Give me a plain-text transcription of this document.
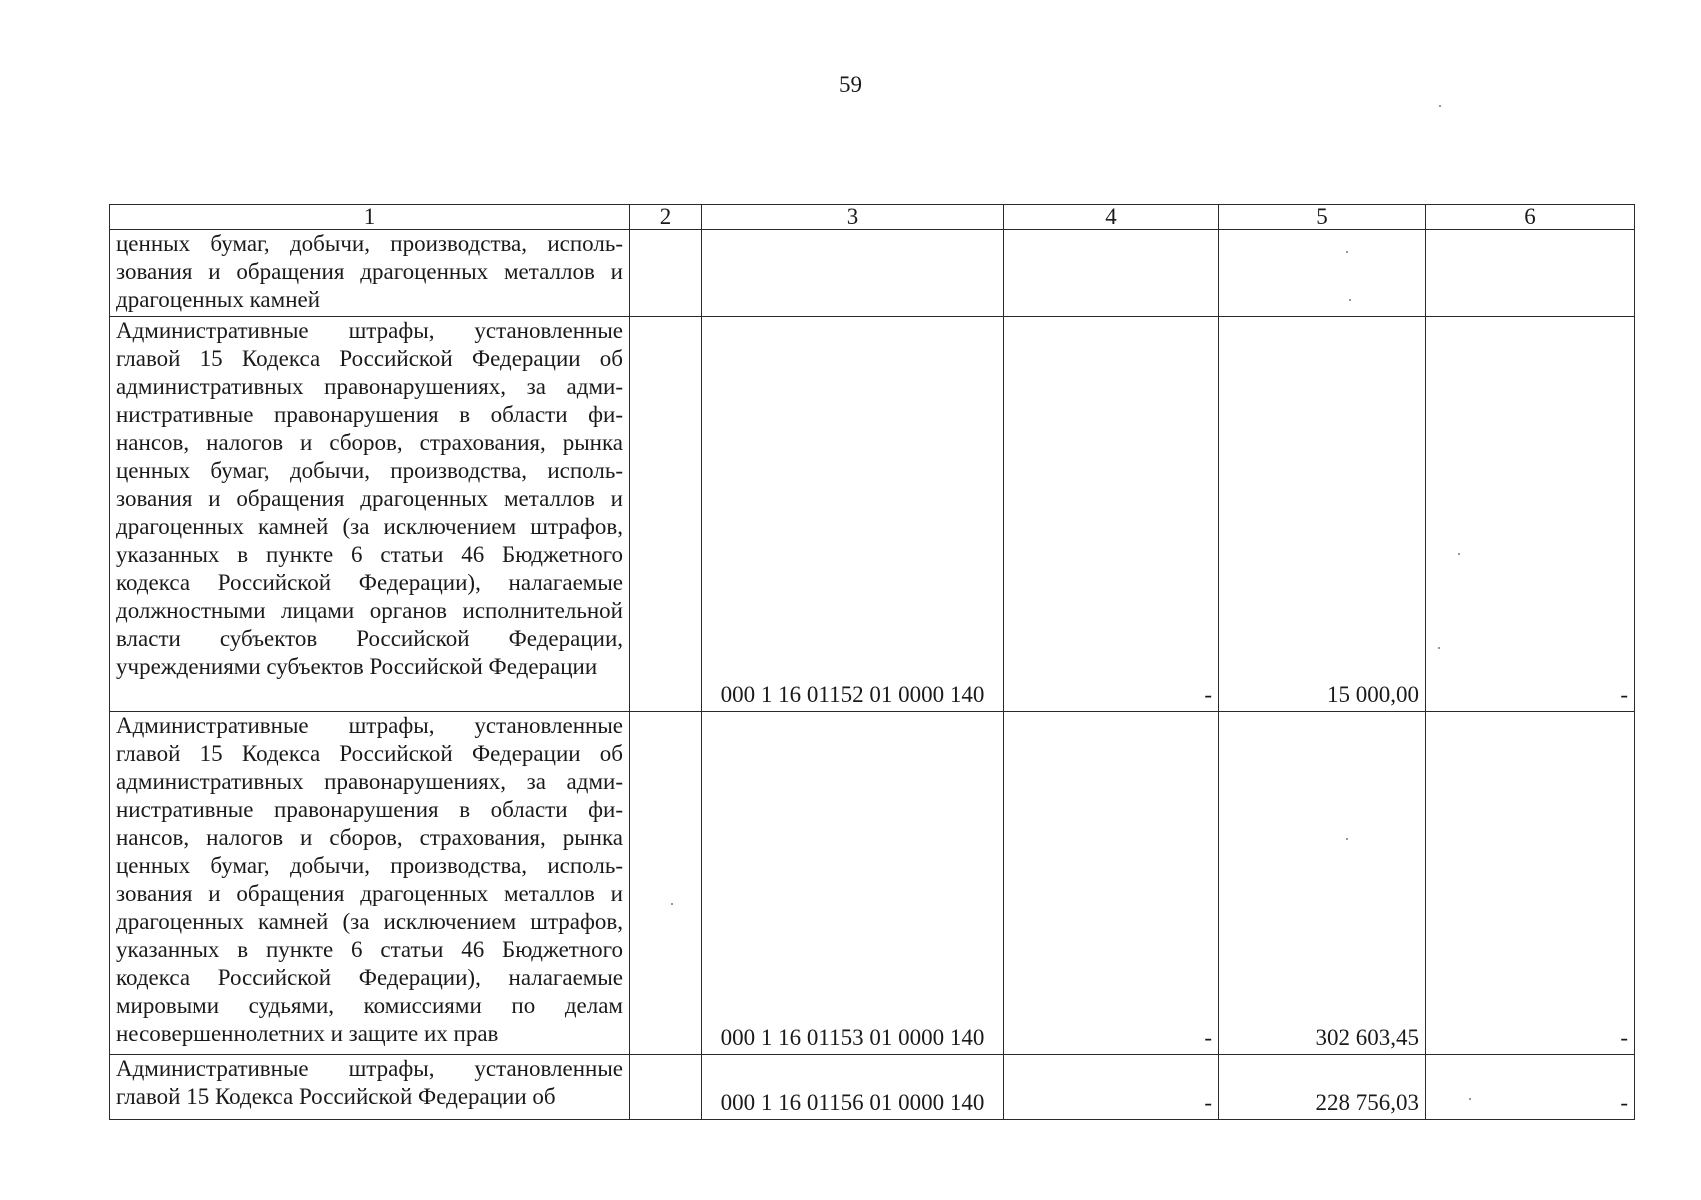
59
1	2	3	4	5	6
ценных бумаг, добычи, производства, использования и обращения драгоценных металлов и драгоценных камней					
Административные штрафы, установленные главой 15 Кодекса Российской Федерации об административных правонарушениях, за административные правонарушения в области финансов, налогов и сборов, страхования, рынка ценных бумаг, добычи, производства, использования и обращения драгоценных металлов и драгоценных камней (за исключением штрафов, указанных в пункте 6 статьи 46 Бюджетного кодекса Российской Федерации), налагаемые должностными лицами органов исполнительной власти субъектов Российской Федерации, учреждениями субъектов Российской Федерации		000 1 16 01152 01 0000 140	-	15 000,00	-
Административные штрафы, установленные главой 15 Кодекса Российской Федерации об административных правонарушениях, за административные правонарушения в области финансов, налогов и сборов, страхования, рынка ценных бумаг, добычи, производства, использования и обращения драгоценных металлов и драгоценных камней (за исключением штрафов, указанных в пункте 6 статьи 46 Бюджетного кодекса Российской Федерации), налагаемые мировыми судьями, комиссиями по делам несовершеннолетних и защите их прав		000 1 16 01153 01 0000 140	-	302 603,45	-
Административные штрафы, установленные главой 15 Кодекса Российской Федерации об		000 1 16 01156 01 0000 140	-	228 756,03	-
